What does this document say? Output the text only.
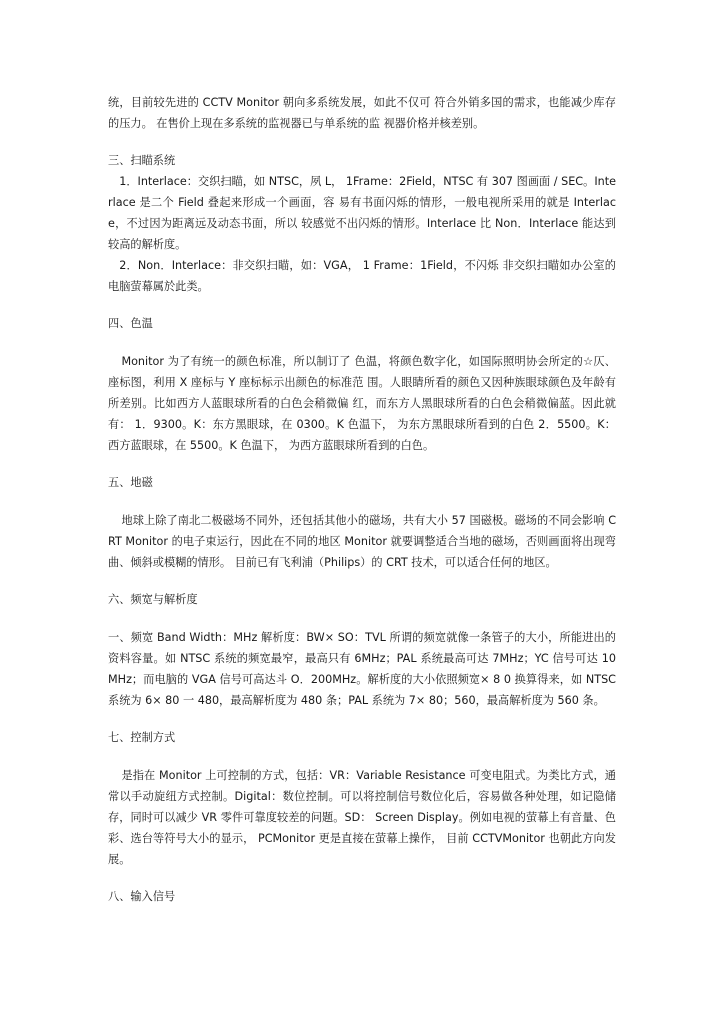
统，目前较先进的 CCTV Monitor 朝向多系统发展，如此不仅可 符合外销多国的需求，也能减少库存的压力。 在售价上现在多系统的监视器已与单系统的监 视器价格并核差别。

三、扫瞄系统

1．Interlace：交织扫瞄，如 NTSC，夙 L， 1Frame：2Field，NTSC 有 307 图画面 / SEC。Interlace 是二个 Field 叠起来形成一个画面，容 易有书面闪烁的情形，一般电视所采用的就是 Interlace，不过因为距离远及动态书面，所以 较感觉不出闪烁的情形。Interlace 比 Non．Interlace 能达到较高的解析度。

2．Non．Interlace：非交织扫瞄，如：VGA， 1 Frame：1Field，不闪烁 非交织扫瞄如办公室的电脑萤幕属於此类。

四、色温

Monitor 为了有统一的颜色标准，所以制订了 色温，将颜色数字化，如国际照明协会所定的☆仄、座标图，利用 X 座标与 Y 座标标示出颜色的标准范 围。人眼睛所看的颜色又因种族眼球颜色及年龄有 所差别。比如西方人蓝眼球所看的白色会稍微偏 红，而东方人黑眼球所看的白色会稍微偏蓝。因此就有： 1．9300。K：东方黑眼球，在 0300。K 色温下， 为东方黑眼球所看到的白色 2．5500。K：西方蓝眼球，在 5500。K 色温下， 为西方蓝眼球所看到的白色。

五、地磁

地球上除了南北二极磁场不同外，还包括其他小的磁场，共有大小 57 国磁极。磁场的不同会影响 CRT Monitor 的电子束运行，因此在不同的地区 Monitor 就要调整适合当地的磁场，否则画面将出现弯曲、倾斜或模糊的情形。 目前已有飞利浦（Philips）的 CRT 技术，可以适合任何的地区。

六、频宽与解析度

一、频宽 Band Width：MHz 解析度：BW× SO：TVL 所谓的频宽就像一条管子的大小，所能进出的资料容量。如 NTSC 系统的频宽最窄，最高只有 6MHz；PAL 系统最高可达 7MHz；YC 信号可达 10MHz；而电脑的 VGA 信号可高达斗 O．200MHz。解析度的大小依照频宽× 8 0 换算得来，如 NTSC 系统为 6× 80 一 480，最高解析度为 480 条；PAL 系统为 7× 80；560，最高解析度为 560 条。

七、控制方式

是指在 Monitor 上可控制的方式，包括：VR：Variable Resistance 可变电阻式。为类比方式，通常以手动旋纽方式控制。Digital：数位控制。可以将控制信号数位化后，容易做各种处理，如记隐储存，同时可以减少 VR 零件可靠度较差的问题。SD： Screen Display。例如电视的萤幕上有音量、色彩、选台等符号大小的显示， PCMonitor 更是直接在萤幕上操作， 目前 CCTVMonitor 也朝此方向发展。

八、输入信号
